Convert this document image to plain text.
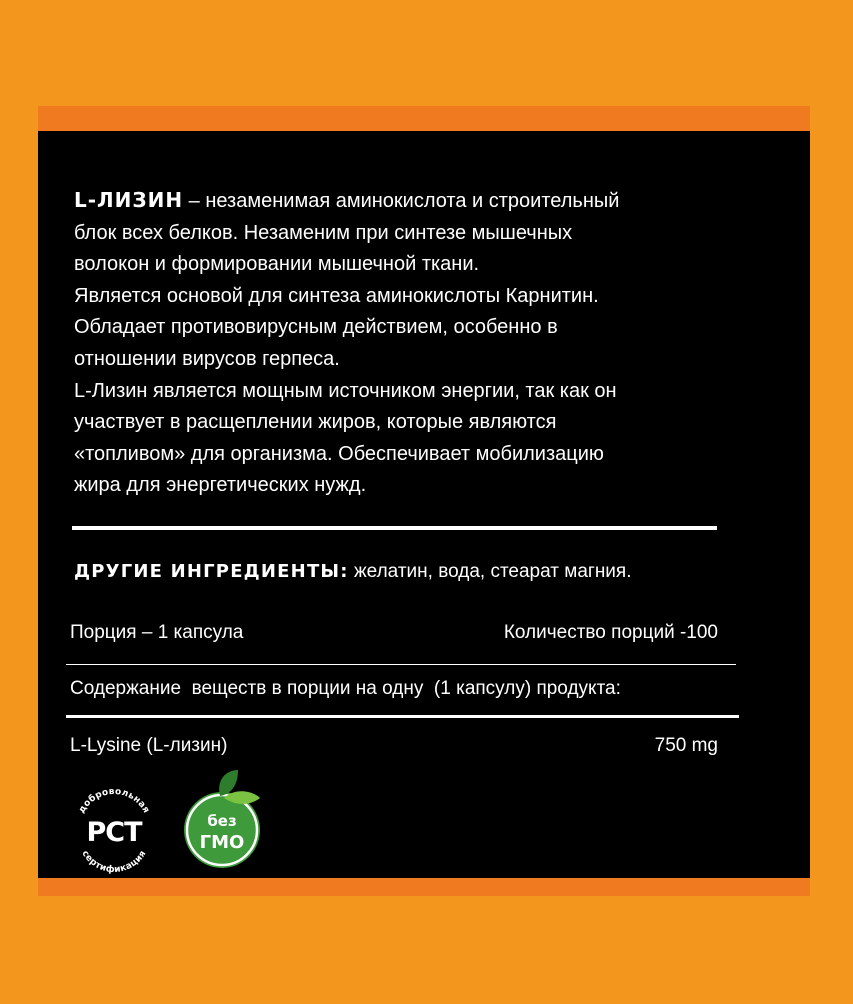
L-ЛИЗИН – незаменимая аминокислота и строительный
блок всех белков. Незаменим при синтезе мышечных
волокон и формировании мышечной ткани.
Является основой для синтеза аминокислоты Карнитин.
Обладает противовирусным действием, особенно в
отношении вирусов герпеса.
L-Лизин является мощным источником энергии, так как он
участвует в расщеплении жиров, которые являются
«топливом» для организма. Обеспечивает мобилизацию
жира для энергетических нужд.

ДРУГИЕ ИНГРЕДИЕНТЫ: желатин, вода, стеарат магния.

Порция – 1 капсула	Количество порций -100

Содержание  веществ в порции на одну  (1 капсулу) продукта:

L-Lysine (L-лизин)	750 mg
добровольная
сертификация
РСТ	без
ГМО
